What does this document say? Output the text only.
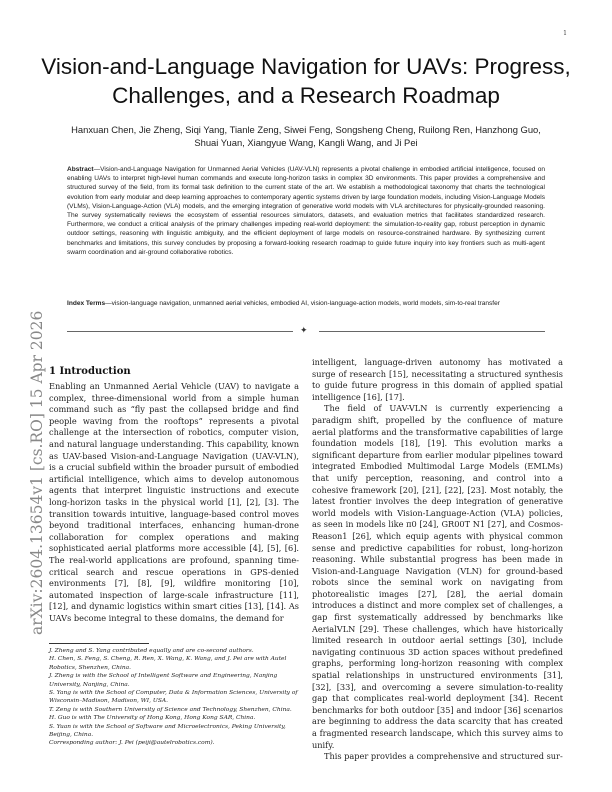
1
arXiv:2604.13654v1 [cs.RO] 15 Apr 2026
Vision-and-Language Navigation for UAVs: Progress,
Challenges, and a Research Roadmap
Hanxuan Chen, Jie Zheng, Siqi Yang, Tianle Zeng, Siwei Feng, Songsheng Cheng, Ruilong Ren, Hanzhong Guo,
Shuai Yuan, Xiangyue Wang, Kangli Wang, and Ji Pei
Abstract—Vision-and-Language Navigation for Unmanned Aerial Vehicles (UAV-VLN) represents a pivotal challenge in embodied artificial intelligence, focused on enabling UAVs to interpret high-level human commands and execute long-horizon tasks in complex 3D environments. This paper provides a comprehensive and structured survey of the field, from its formal task definition to the current state of the art. We establish a methodological taxonomy that charts the technological evolution from early modular and deep learning approaches to contemporary agentic systems driven by large foundation models, including Vision-Language Models (VLMs), Vision-Language-Action (VLA) models, and the emerging integration of generative world models with VLA architectures for physically-grounded reasoning. The survey systematically reviews the ecosystem of essential resources simulators, datasets, and evaluation metrics that facilitates standardized research. Furthermore, we conduct a critical analysis of the primary challenges impeding real-world deployment: the simulation-to-reality gap, robust perception in dynamic outdoor settings, reasoning with linguistic ambiguity, and the efficient deployment of large models on resource-constrained hardware. By synthesizing current benchmarks and limitations, this survey concludes by proposing a forward-looking research roadmap to guide future inquiry into key frontiers such as multi-agent swarm coordination and air-ground collaborative robotics.
Index Terms—vision-language navigation, unmanned aerial vehicles, embodied AI, vision-language-action models, world models, sim-to-real transfer
✦
1 Introduction

Enabling an Unmanned Aerial Vehicle (UAV) to navigate a complex, three-dimensional world from a simple human command such as “fly past the collapsed bridge and find people waving from the rooftops” represents a pivotal challenge at the intersection of robotics, computer vision, and natural language understanding. This capability, known as UAV-based Vision-and-Language Navigation (UAV-VLN), is a crucial subfield within the broader pursuit of embodied artificial intelligence, which aims to develop autonomous agents that interpret linguistic instructions and execute long-horizon tasks in the physical world [1], [2], [3]. The transition towards intuitive, language-based control moves beyond traditional interfaces, enhancing human-drone collaboration for complex operations and making sophisticated aerial platforms more accessible [4], [5], [6]. The real-world applications are profound, spanning time-critical search and rescue operations in GPS-denied environments [7], [8], [9], wildfire monitoring [10], automated inspection of large-scale infrastructure [11], [12], and dynamic logistics within smart cities [13], [14]. As UAVs become integral to these domains, the demand for

intelligent, language-driven autonomy has motivated a surge of research [15], necessitating a structured synthesis to guide future progress in this domain of applied spatial intelligence [16], [17].

The field of UAV-VLN is currently experiencing a paradigm shift, propelled by the confluence of mature aerial platforms and the transformative capabilities of large foundation models [18], [19]. This evolution marks a significant departure from earlier modular pipelines toward integrated Embodied Multimodal Large Models (EMLMs) that unify perception, reasoning, and control into a cohesive framework [20], [21], [22], [23]. Most notably, the latest frontier involves the deep integration of generative world models with Vision-Language-Action (VLA) policies, as seen in models like π0 [24], GR00T N1 [27], and Cosmos-Reason1 [26], which equip agents with physical common sense and predictive capabilities for robust, long-horizon reasoning. While substantial progress has been made in Vision-and-Language Navigation (VLN) for ground-based robots since the seminal work on navigating from photorealistic images [27], [28], the aerial domain introduces a distinct and more complex set of challenges, a gap first systematically addressed by benchmarks like AerialVLN [29]. These challenges, which have historically limited research in outdoor aerial settings [30], include navigating continuous 3D action spaces without predefined graphs, performing long-horizon reasoning with complex spatial relationships in unstructured environments [31], [32], [33], and overcoming a severe simulation-to-reality gap that complicates real-world deployment [34]. Recent benchmarks for both outdoor [35] and indoor [36] scenarios are beginning to address the data scarcity that has created a fragmented research landscape, which this survey aims to unify.

This paper provides a comprehensive and structured sur-

J. Zheng and S. Yang contributed equally and are co-second authors.
H. Chen, S. Feng, S. Cheng, R. Ren, X. Wang, K. Wang, and J. Pei are with Autel Robotics, Shenzhen, China.
J. Zheng is with the School of Intelligent Software and Engineering, Nanjing University, Nanjing, China.
S. Yang is with the School of Computer, Data & Information Sciences, University of Wisconsin–Madison, Madison, WI, USA.
T. Zeng is with Southern University of Science and Technology, Shenzhen, China.
H. Guo is with The University of Hong Kong, Hong Kong SAR, China.
S. Yuan is with the School of Software and Microelectronics, Peking University, Beijing, China.
Corresponding author: J. Pei (peiji@autelrobotics.com).
